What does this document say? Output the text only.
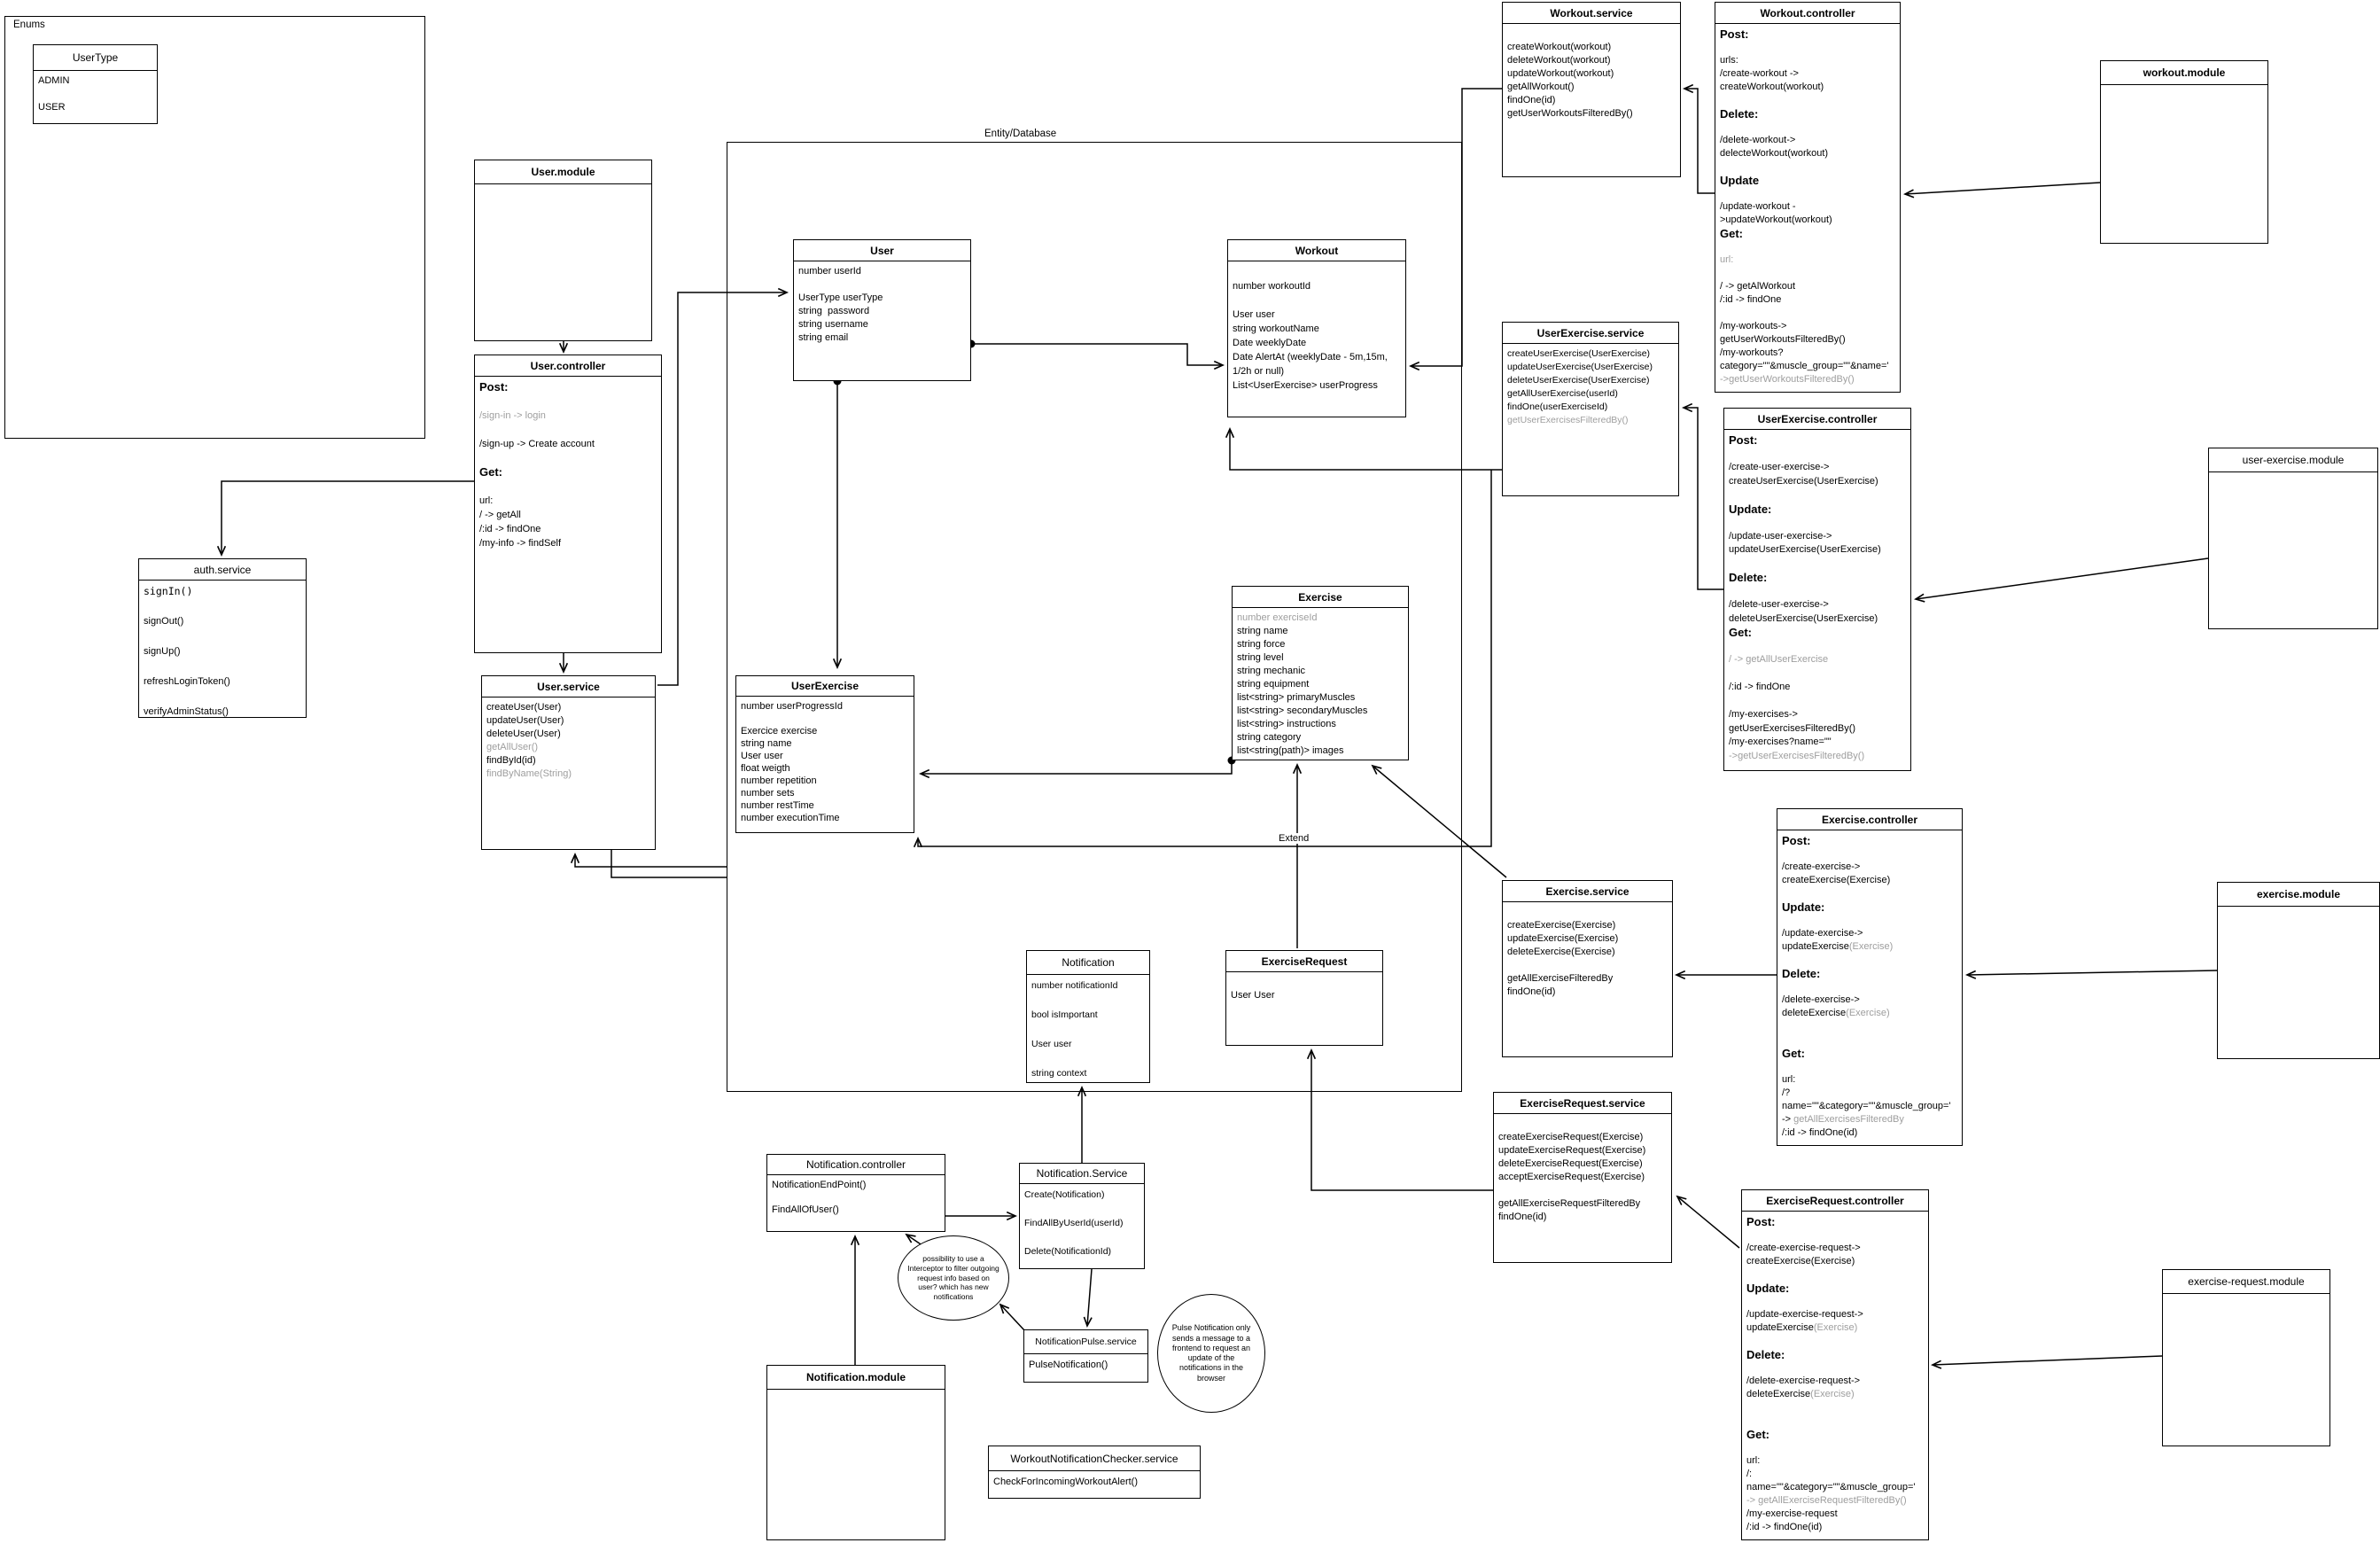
Enums
Entity/Database
Extend
UserType
ADMIN

USER
User.module
User.controller
Post:

/sign-in -> login

/sign-up -> Create account

Get:

url:
/ -> getAll
/:id -> findOne
/my-info -> findSelf
auth.service
signIn()

signOut()

signUp()

refreshLoginToken()

verifyAdminStatus()
User.service
createUser(User)
updateUser(User)
deleteUser(User)
getAllUser()
findById(id)
findByName(String)
User
number userId

UserType userType
string  password
string username
string email
Workout

number workoutId

User user
string workoutName
Date weeklyDate
Date AlertAt (weeklyDate - 5m,15m,
1/2h or null)
List<UserExercise> userProgress
UserExercise
number userProgressId

Exercice exercise
string name
User user
float weigth
number repetition
number sets
number restTime
number executionTime
Exercise
number exerciseId
string name
string force
string level
string mechanic
string equipment
list<string> primaryMuscles
list<string> secondaryMuscles
list<string> instructions
string category
list<string(path)> images
Notification
number notificationId

bool isImportant

User user

string context
ExerciseRequest

User User
Workout.service

createWorkout(workout)
deleteWorkout(workout)
updateWorkout(workout)
getAllWorkout()
findOne(id)
getUserWorkoutsFilteredBy()
Workout.controller
Post:

urls:
/create-workout ->
createWorkout(workout)

Delete:

/delete-workout->
delecteWorkout(workout)

Update

/update-workout -
>updateWorkout(workout)
Get:

url:

/ -> getAlWorkout
/:id -> findOne

/my-workouts->
getUserWorkoutsFilteredBy()
/my-workouts?
category=""&muscle_group=""&name='
->getUserWorkoutsFilteredBy()
workout.module
UserExercise.service
createUserExercise(UserExercise)
updateUserExercise(UserExercise)
deleteUserExercise(UserExercise)
getAllUserExercise(userId)
findOne(userExerciseId)
getUserExercisesFilteredBy()	UserExercise.controller
Post:

/create-user-exercise->
createUserExercise(UserExercise)

Update:

/update-user-exercise->
updateUserExercise(UserExercise)

Delete:

/delete-user-exercise->
deleteUserExercise(UserExercise)
Get:

/ -> getAllUserExercise

/:id -> findOne

/my-exercises->
getUserExercisesFilteredBy()
/my-exercises?name=""
->getUserExercisesFilteredBy()
user-exercise.module
Exercise.service

createExercise(Exercise)
updateExercise(Exercise)
deleteExercise(Exercise)

getAllExerciseFilteredBy
findOne(id)
Exercise.controller
Post:

/create-exercise->
createExercise(Exercise)

Update:

/update-exercise->
updateExercise(Exercise)

Delete:

/delete-exercise->
deleteExercise(Exercise)

Get:

url:
/?
name=""&category=""&muscle_group='
-> getAllExercisesFilteredBy
/:id -> findOne(id)
exercise.module
ExerciseRequest.service

createExerciseRequest(Exercise)
updateExerciseRequest(Exercise)
deleteExerciseRequest(Exercise)
acceptExerciseRequest(Exercise)

getAllExerciseRequestFilteredBy
findOne(id)
ExerciseRequest.controller
Post:

/create-exercise-request->
createExercise(Exercise)

Update:

/update-exercise-request->
updateExercise(Exercise)

Delete:

/delete-exercise-request->
deleteExercise(Exercise)

Get:

url:
/:
name=""&category=""&muscle_group='
-> getAllExerciseRequestFilteredBy()
/my-exercise-request
/:id -> findOne(id)
exercise-request.module
Notification.controller
NotificationEndPoint()

FindAllOfUser()
Notification.Service
Create(Notification)

FindAllByUserId(userId)

Delete(NotificationId)
NotificationPulse.service
PulseNotification()
Notification.module
WorkoutNotificationChecker.service
CheckForIncomingWorkoutAlert()
possibility to use a Interceptor to filter outgoing request info based on user? which has new notifications
Pulse Notification only sends a message to a frontend to request an update of the notifications in the browser
